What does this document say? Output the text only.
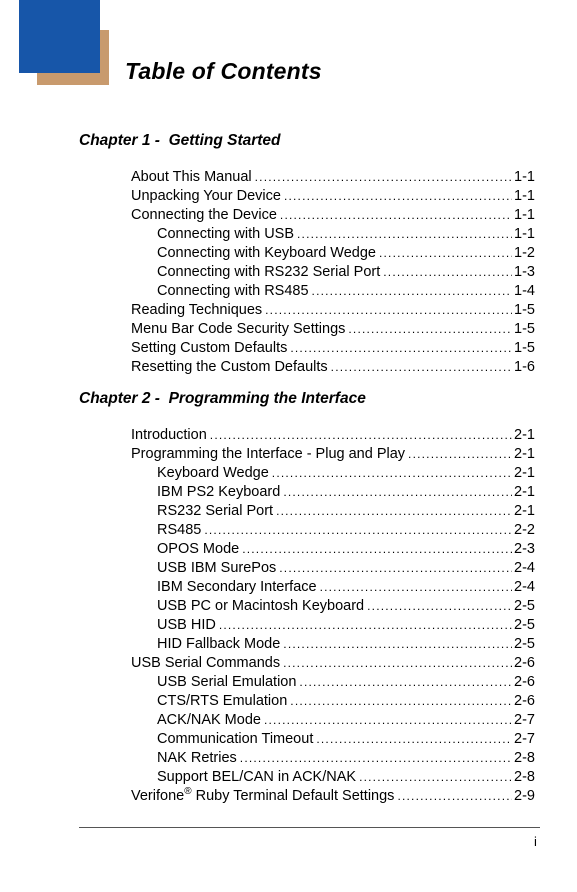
Table of Contents
Chapter 1 -  Getting Started
About This Manual .....	1-1
Unpacking Your Device .....	1-1
Connecting the Device .....	1-1
Connecting with USB .....	1-1
Connecting with Keyboard Wedge .....	1-2
Connecting with RS232 Serial Port .....	1-3
Connecting with RS485 .....	1-4
Reading Techniques .....	1-5
Menu Bar Code Security Settings .....	1-5
Setting Custom Defaults .....	1-5
Resetting the Custom Defaults .....	1-6
Chapter 2 -  Programming the Interface
Introduction .....	2-1
Programming the Interface - Plug and Play .....	2-1
Keyboard Wedge .....	2-1
IBM PS2 Keyboard .....	2-1
RS232 Serial Port .....	2-1
RS485 .....	2-2
OPOS Mode .....	2-3
USB IBM SurePos .....	2-4
IBM Secondary Interface .....	2-4
USB PC or Macintosh Keyboard .....	2-5
USB HID .....	2-5
HID Fallback Mode .....	2-5
USB Serial Commands .....	2-6
USB Serial Emulation .....	2-6
CTS/RTS Emulation .....	2-6
ACK/NAK Mode .....	2-7
Communication Timeout .....	2-7
NAK Retries .....	2-8
Support BEL/CAN in ACK/NAK .....	2-8
Verifone® Ruby Terminal Default Settings .....	2-9
i
